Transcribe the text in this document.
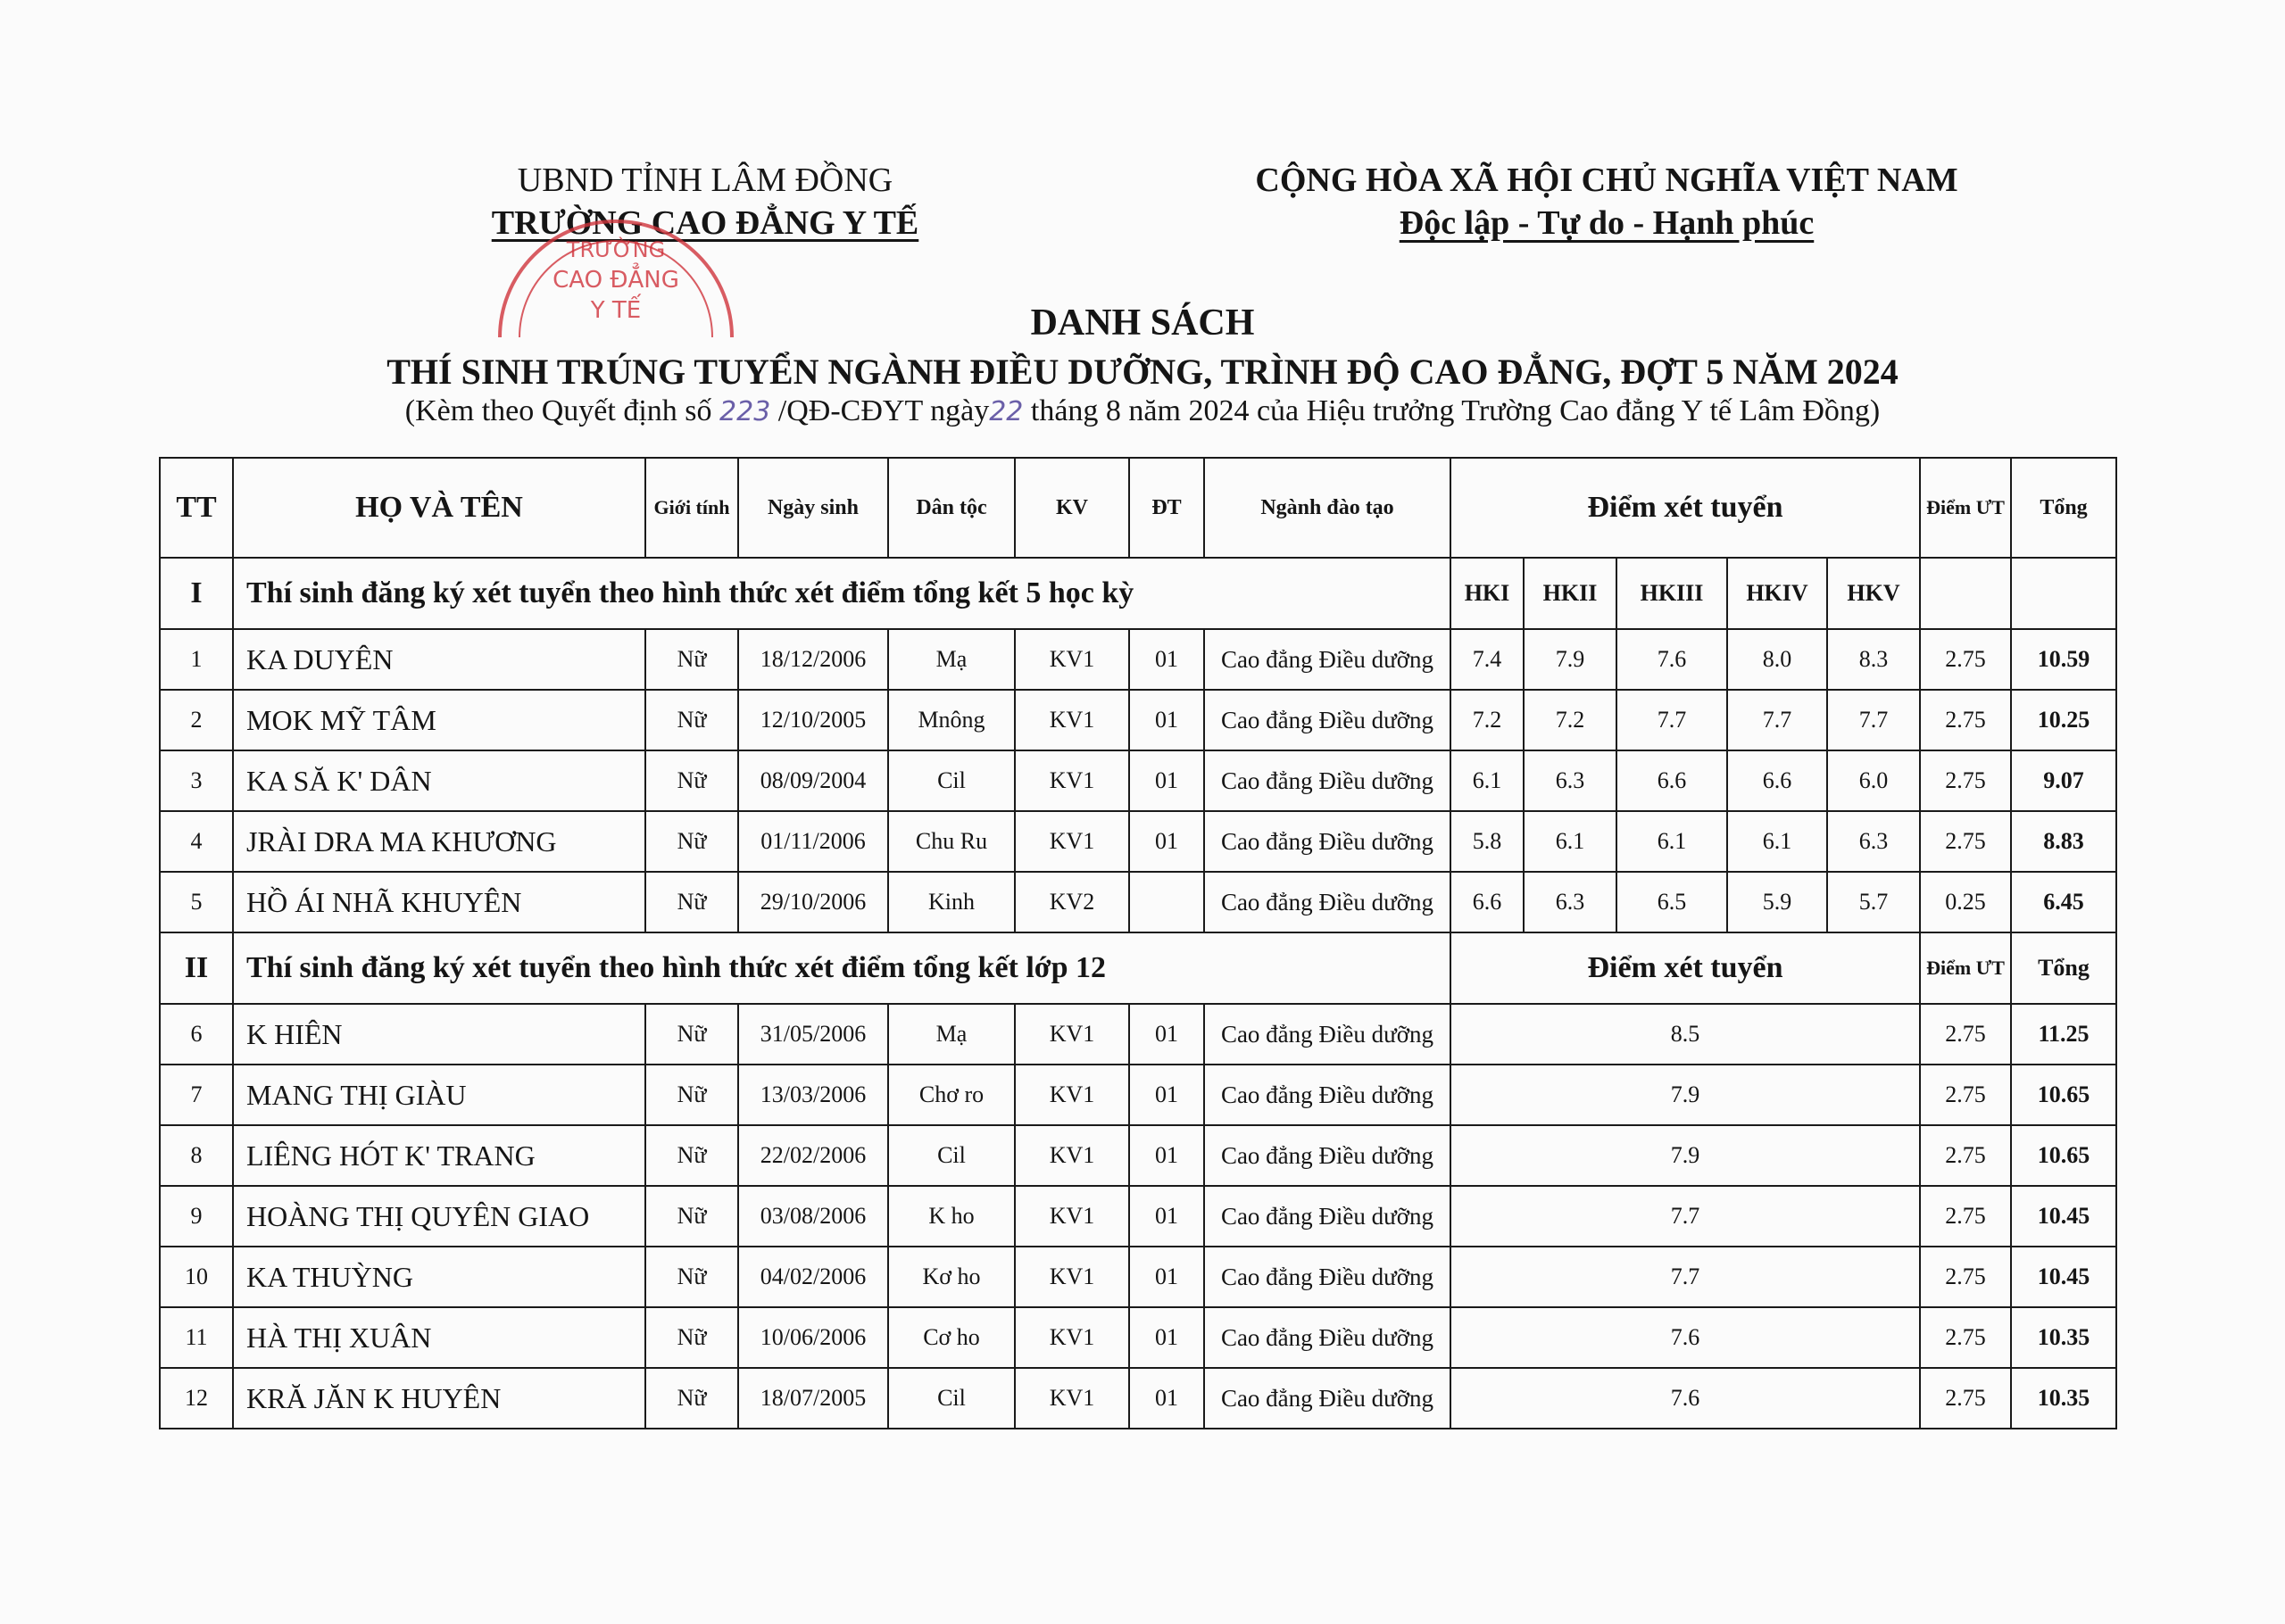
UBND TỈNH LÂM ĐỒNG
TRƯỜNG CAO ĐẲNG Y TẾ
CỘNG HÒA XÃ HỘI CHỦ NGHĨA VIỆT NAM
Độc lập - Tự do - Hạnh phúc
TRƯỜNG
CAO ĐẲNG
Y TẾ	DANH SÁCH
THÍ SINH TRÚNG TUYỂN NGÀNH ĐIỀU DƯỠNG, TRÌNH ĐỘ CAO ĐẲNG, ĐỢT 5 NĂM 2024
(Kèm theo Quyết định số 223 /QĐ-CĐYT ngày22 tháng 8 năm 2024 của Hiệu trưởng Trường Cao đẳng Y tế Lâm Đồng)
TT	HỌ VÀ TÊN	Giới tính	Ngày sinh	Dân tộc	KV	ĐT	Ngành đào tạo	Điểm xét tuyển					Điểm ƯT	Tổng
I	Thí sinh đăng ký xét tuyển theo hình thức xét điểm tổng kết 5 học kỳ							HKI	HKII	HKIII	HKIV	HKV		
1	KA DUYÊN	Nữ	18/12/2006	Mạ	KV1	01	Cao đẳng Điều dưỡng	7.4	7.9	7.6	8.0	8.3	2.75	10.59
2	MOK MỸ TÂM	Nữ	12/10/2005	Mnông	KV1	01	Cao đẳng Điều dưỡng	7.2	7.2	7.7	7.7	7.7	2.75	10.25
3	KA SĂ K' DÂN	Nữ	08/09/2004	Cil	KV1	01	Cao đẳng Điều dưỡng	6.1	6.3	6.6	6.6	6.0	2.75	9.07
4	JRÀI DRA MA KHƯƠNG	Nữ	01/11/2006	Chu Ru	KV1	01	Cao đẳng Điều dưỡng	5.8	6.1	6.1	6.1	6.3	2.75	8.83
5	HỒ ÁI NHÃ KHUYÊN	Nữ	29/10/2006	Kinh	KV2		Cao đẳng Điều dưỡng	6.6	6.3	6.5	5.9	5.7	0.25	6.45
II	Thí sinh đăng ký xét tuyển theo hình thức xét điểm tổng kết lớp 12							Điểm xét tuyển					Điểm ƯT	Tổng
6	K HIÊN	Nữ	31/05/2006	Mạ	KV1	01	Cao đẳng Điều dưỡng	8.5					2.75	11.25
7	MANG THỊ GIÀU	Nữ	13/03/2006	Chơ ro	KV1	01	Cao đẳng Điều dưỡng	7.9					2.75	10.65
8	LIÊNG HÓT K' TRANG	Nữ	22/02/2006	Cil	KV1	01	Cao đẳng Điều dưỡng	7.9					2.75	10.65
9	HOÀNG THỊ QUYÊN GIAO	Nữ	03/08/2006	K ho	KV1	01	Cao đẳng Điều dưỡng	7.7					2.75	10.45
10	KA THUỲNG	Nữ	04/02/2006	Kơ ho	KV1	01	Cao đẳng Điều dưỡng	7.7					2.75	10.45
11	HÀ THỊ XUÂN	Nữ	10/06/2006	Cơ ho	KV1	01	Cao đẳng Điều dưỡng	7.6					2.75	10.35
12	KRĂ JĂN K HUYÊN	Nữ	18/07/2005	Cil	KV1	01	Cao đẳng Điều dưỡng	7.6					2.75	10.35
